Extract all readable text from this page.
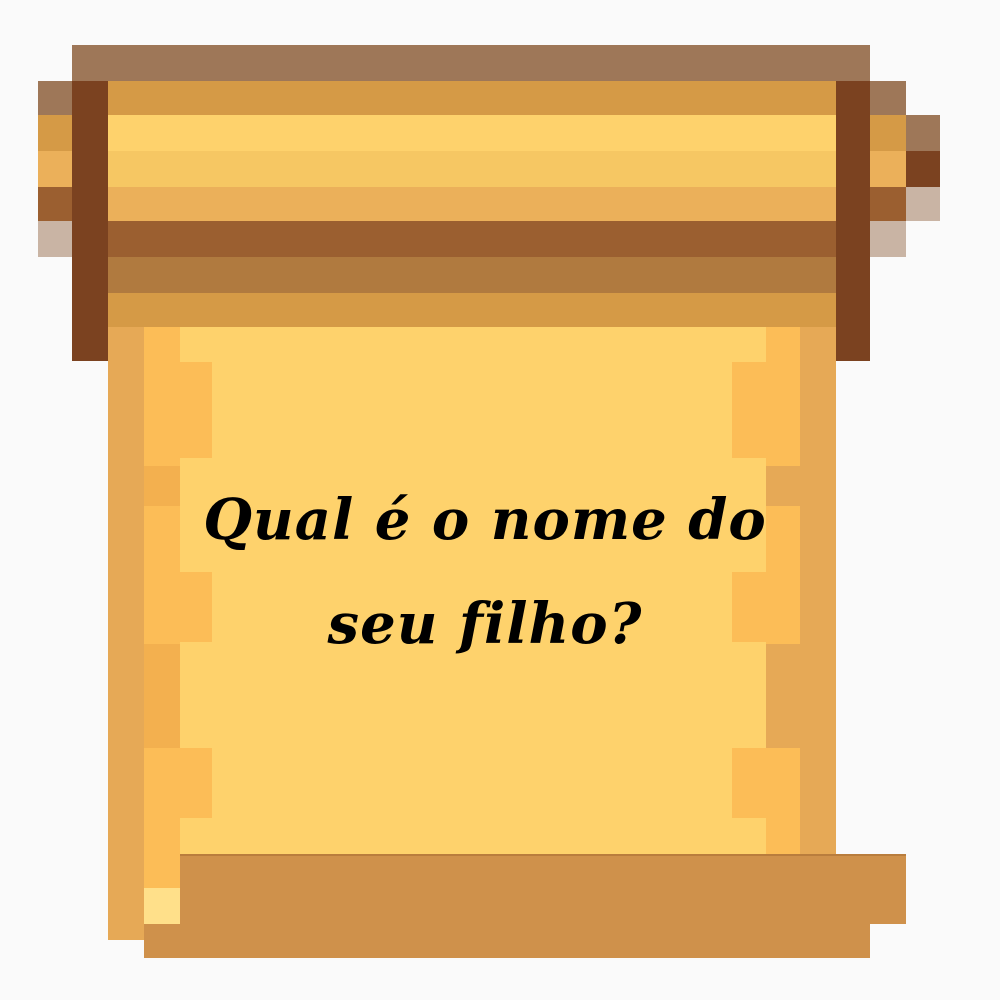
Qual é o nome do seu filho?
